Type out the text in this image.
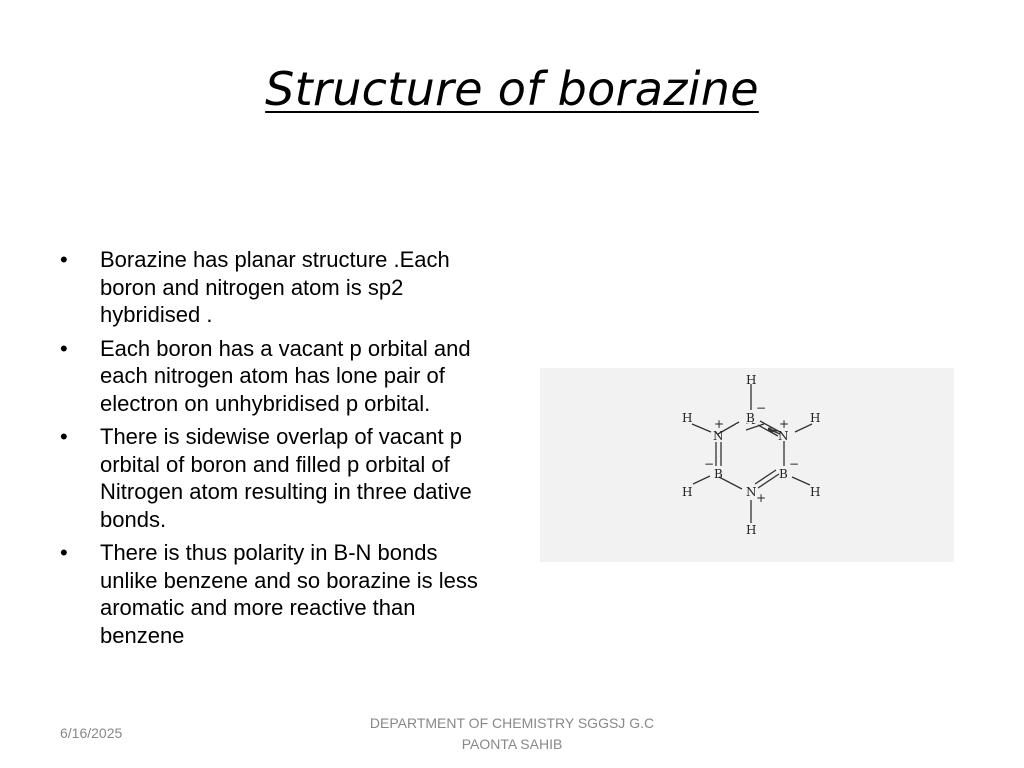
Structure of borazine
• Borazine has planar structure .Each boron and nitrogen atom is sp2 hybridised .
• Each boron has a vacant p orbital and each nitrogen atom has lone pair of electron on unhybridised p orbital.
• There is sidewise overlap of vacant p orbital of boron and filled p orbital of Nitrogen atom resulting in three dative bonds.
• There is thus polarity in B-N bonds unlike benzene and so borazine is less aromatic and more reactive than benzene
H
B
−
H
N
+
N
+ H
B
−
H
B
−
H
N +
H
6/16/2025
DEPARTMENT OF CHEMISTRY SGGSJ G.C
PAONTA SAHIB
